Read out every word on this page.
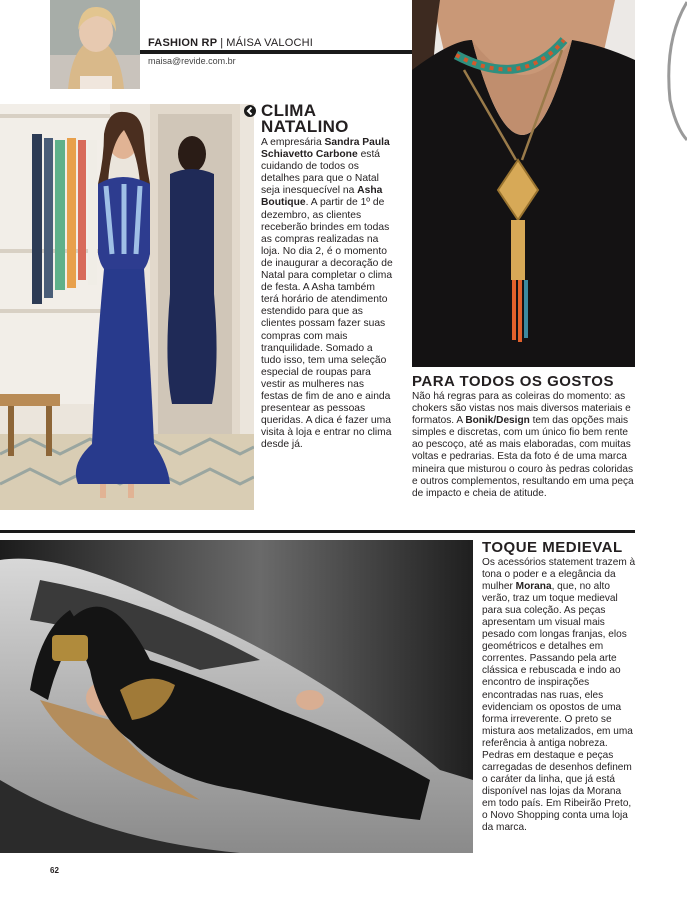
FASHION RP | MÁISA VALOCHI
maisa@revide.com.br
CLIMA NATALINO
A empresária Sandra Paula Schiavetto Carbone está cuidando de todos os detalhes para que o Natal seja inesquecível na Asha Boutique. A partir de 1º de dezembro, as clientes receberão brindes em todas as compras realizadas na loja. No dia 2, é o momento de inaugurar a decoração de Natal para completar o clima de festa. A Asha também terá horário de atendimento estendido para que as clientes possam fazer suas compras com mais tranquilidade. Somado a tudo isso, tem uma seleção especial de roupas para vestir as mulheres nas festas de fim de ano e ainda presentear as pessoas queridas. A dica é fazer uma visita à loja e entrar no clima desde já.
PARA TODOS OS GOSTOS
Não há regras para as coleiras do momento: as chokers são vistas nos mais diversos materiais e formatos. A Bonik/Design tem das opções mais simples e discretas, com um único fio bem rente ao pescoço, até as mais elaboradas, com muitas voltas e pedrarias. Esta da foto é de uma marca mineira que misturou o couro às pedras coloridas e outros complementos, resultando em uma peça de impacto e cheia de atitude.
TOQUE MEDIEVAL
Os acessórios statement trazem à tona o poder e a elegância da mulher Morana, que, no alto verão, traz um toque medieval para sua coleção. As peças apresentam um visual mais pesado com longas franjas, elos geométricos e detalhes em correntes. Passando pela arte clássica e rebuscada e indo ao encontro de inspirações encontradas nas ruas, eles evidenciam os opostos de uma forma irreverente. O preto se mistura aos metalizados, em uma referência à antiga nobreza. Pedras em destaque e peças carregadas de desenhos definem o caráter da linha, que já está disponível nas lojas da Morana em todo país. Em Ribeirão Preto, o Novo Shopping conta uma loja da marca.
62
